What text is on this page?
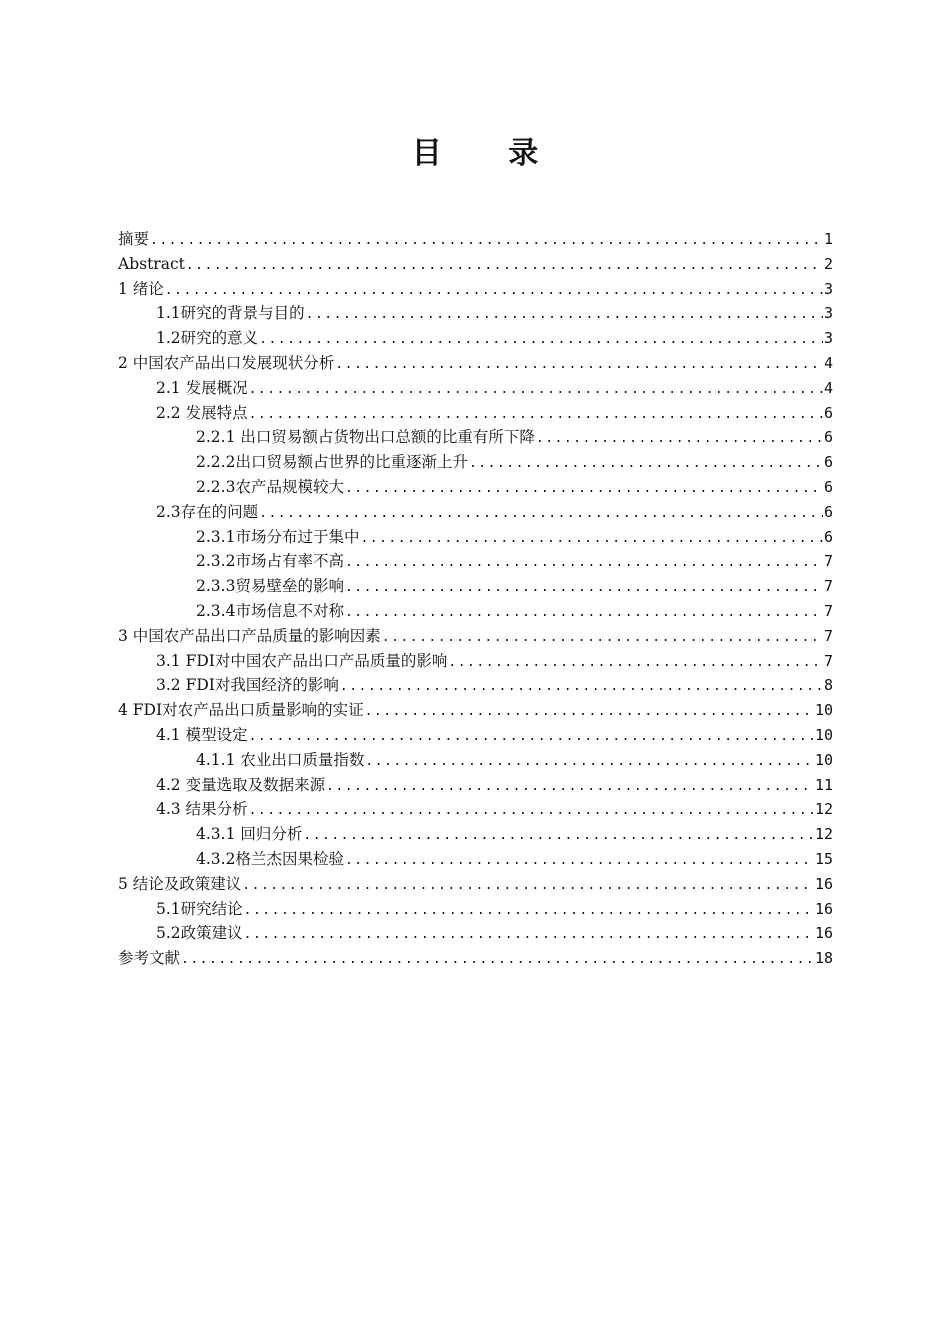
目 录
摘要 .....	1
Abstract .....	2
1 绪论 .....	3
1.1研究的背景与目的 .....	3
1.2研究的意义 .....	3
2 中国农产品出口发展现状分析 .....	4
2.1 发展概况 .....	4
2.2 发展特点 .....	6
2.2.1 出口贸易额占货物出口总额的比重有所下降 .....	6
2.2.2出口贸易额占世界的比重逐渐上升 .....	6
2.2.3农产品规模较大 .....	6
2.3存在的问题 .....	6
2.3.1市场分布过于集中 .....	6
2.3.2市场占有率不高 .....	7
2.3.3贸易壁垒的影响 .....	7
2.3.4市场信息不对称 .....	7
3 中国农产品出口产品质量的影响因素 .....	7
3.1 FDI对中国农产品出口产品质量的影响 .....	7
3.2 FDI对我国经济的影响 .....	8
4 FDI对农产品出口质量影响的实证 .....	10
4.1 模型设定 .....	10
4.1.1 农业出口质量指数 .....	10
4.2 变量选取及数据来源 .....	11
4.3 结果分析 .....	12
4.3.1 回归分析 .....	12
4.3.2格兰杰因果检验 .....	15
5 结论及政策建议 .....	16
5.1研究结论 .....	16
5.2政策建议 .....	16
参考文献 .....	18
